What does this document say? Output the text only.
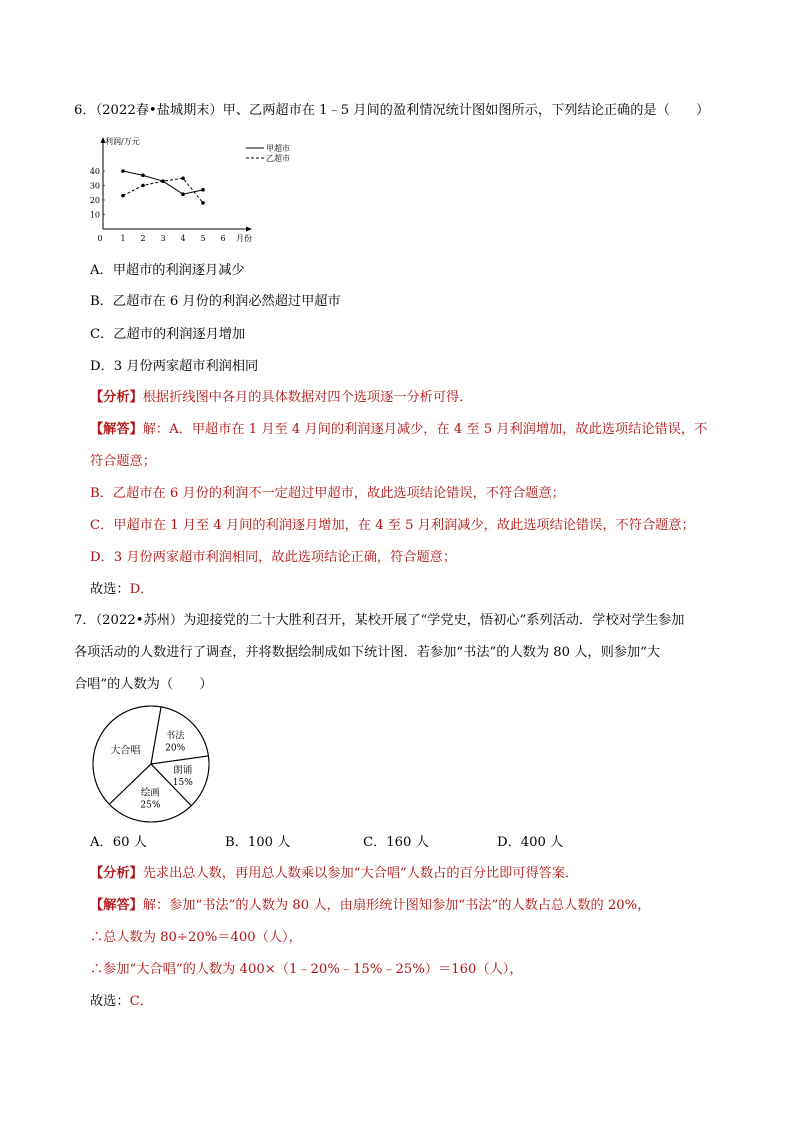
6．（2022春•盐城期末）甲、乙两超市在 1﹣5 月间的盈利情况统计图如图所示，下列结论正确的是（　　）
利润/万元
月份
0 1 2 3 4 5 6
10
20
30
40
甲超市
乙超市
A．甲超市的利润逐月减少
B．乙超市在 6 月份的利润必然超过甲超市
C．乙超市的利润逐月增加
D．3 月份两家超市利润相同
【分析】根据折线图中各月的具体数据对四个选项逐一分析可得．
【解答】解：A．甲超市在 1 月至 4 月间的利润逐月减少，在 4 至 5 月利润增加，故此选项结论错误，不
符合题意；
B．乙超市在 6 月份的利润不一定超过甲超市，故此选项结论错误，不符合题意；
C．甲超市在 1 月至 4 月间的利润逐月增加，在 4 至 5 月利润减少，故此选项结论错误，不符合题意；
D．3 月份两家超市利润相同，故此选项结论正确，符合题意；
故选：D．
7．（2022•苏州）为迎接党的二十大胜利召开，某校开展了“学党史，悟初心”系列活动．学校对学生参加
各项活动的人数进行了调查，并将数据绘制成如下统计图．若参加“书法”的人数为 80 人，则参加“大
合唱”的人数为（　　）
书法
20%
朗诵
15%
绘画
25%
大合唱
A．60 人	B．100 人	C．160 人	D．400 人
【分析】先求出总人数，再用总人数乘以参加“大合唱”人数占的百分比即可得答案．
【解答】解：参加“书法”的人数为 80 人，由扇形统计图知参加“书法”的人数占总人数的 20%，
∴总人数为 80÷20%＝400（人），
∴参加“大合唱”的人数为 400×（1﹣20%﹣15%﹣25%）＝160（人），
故选：C．
